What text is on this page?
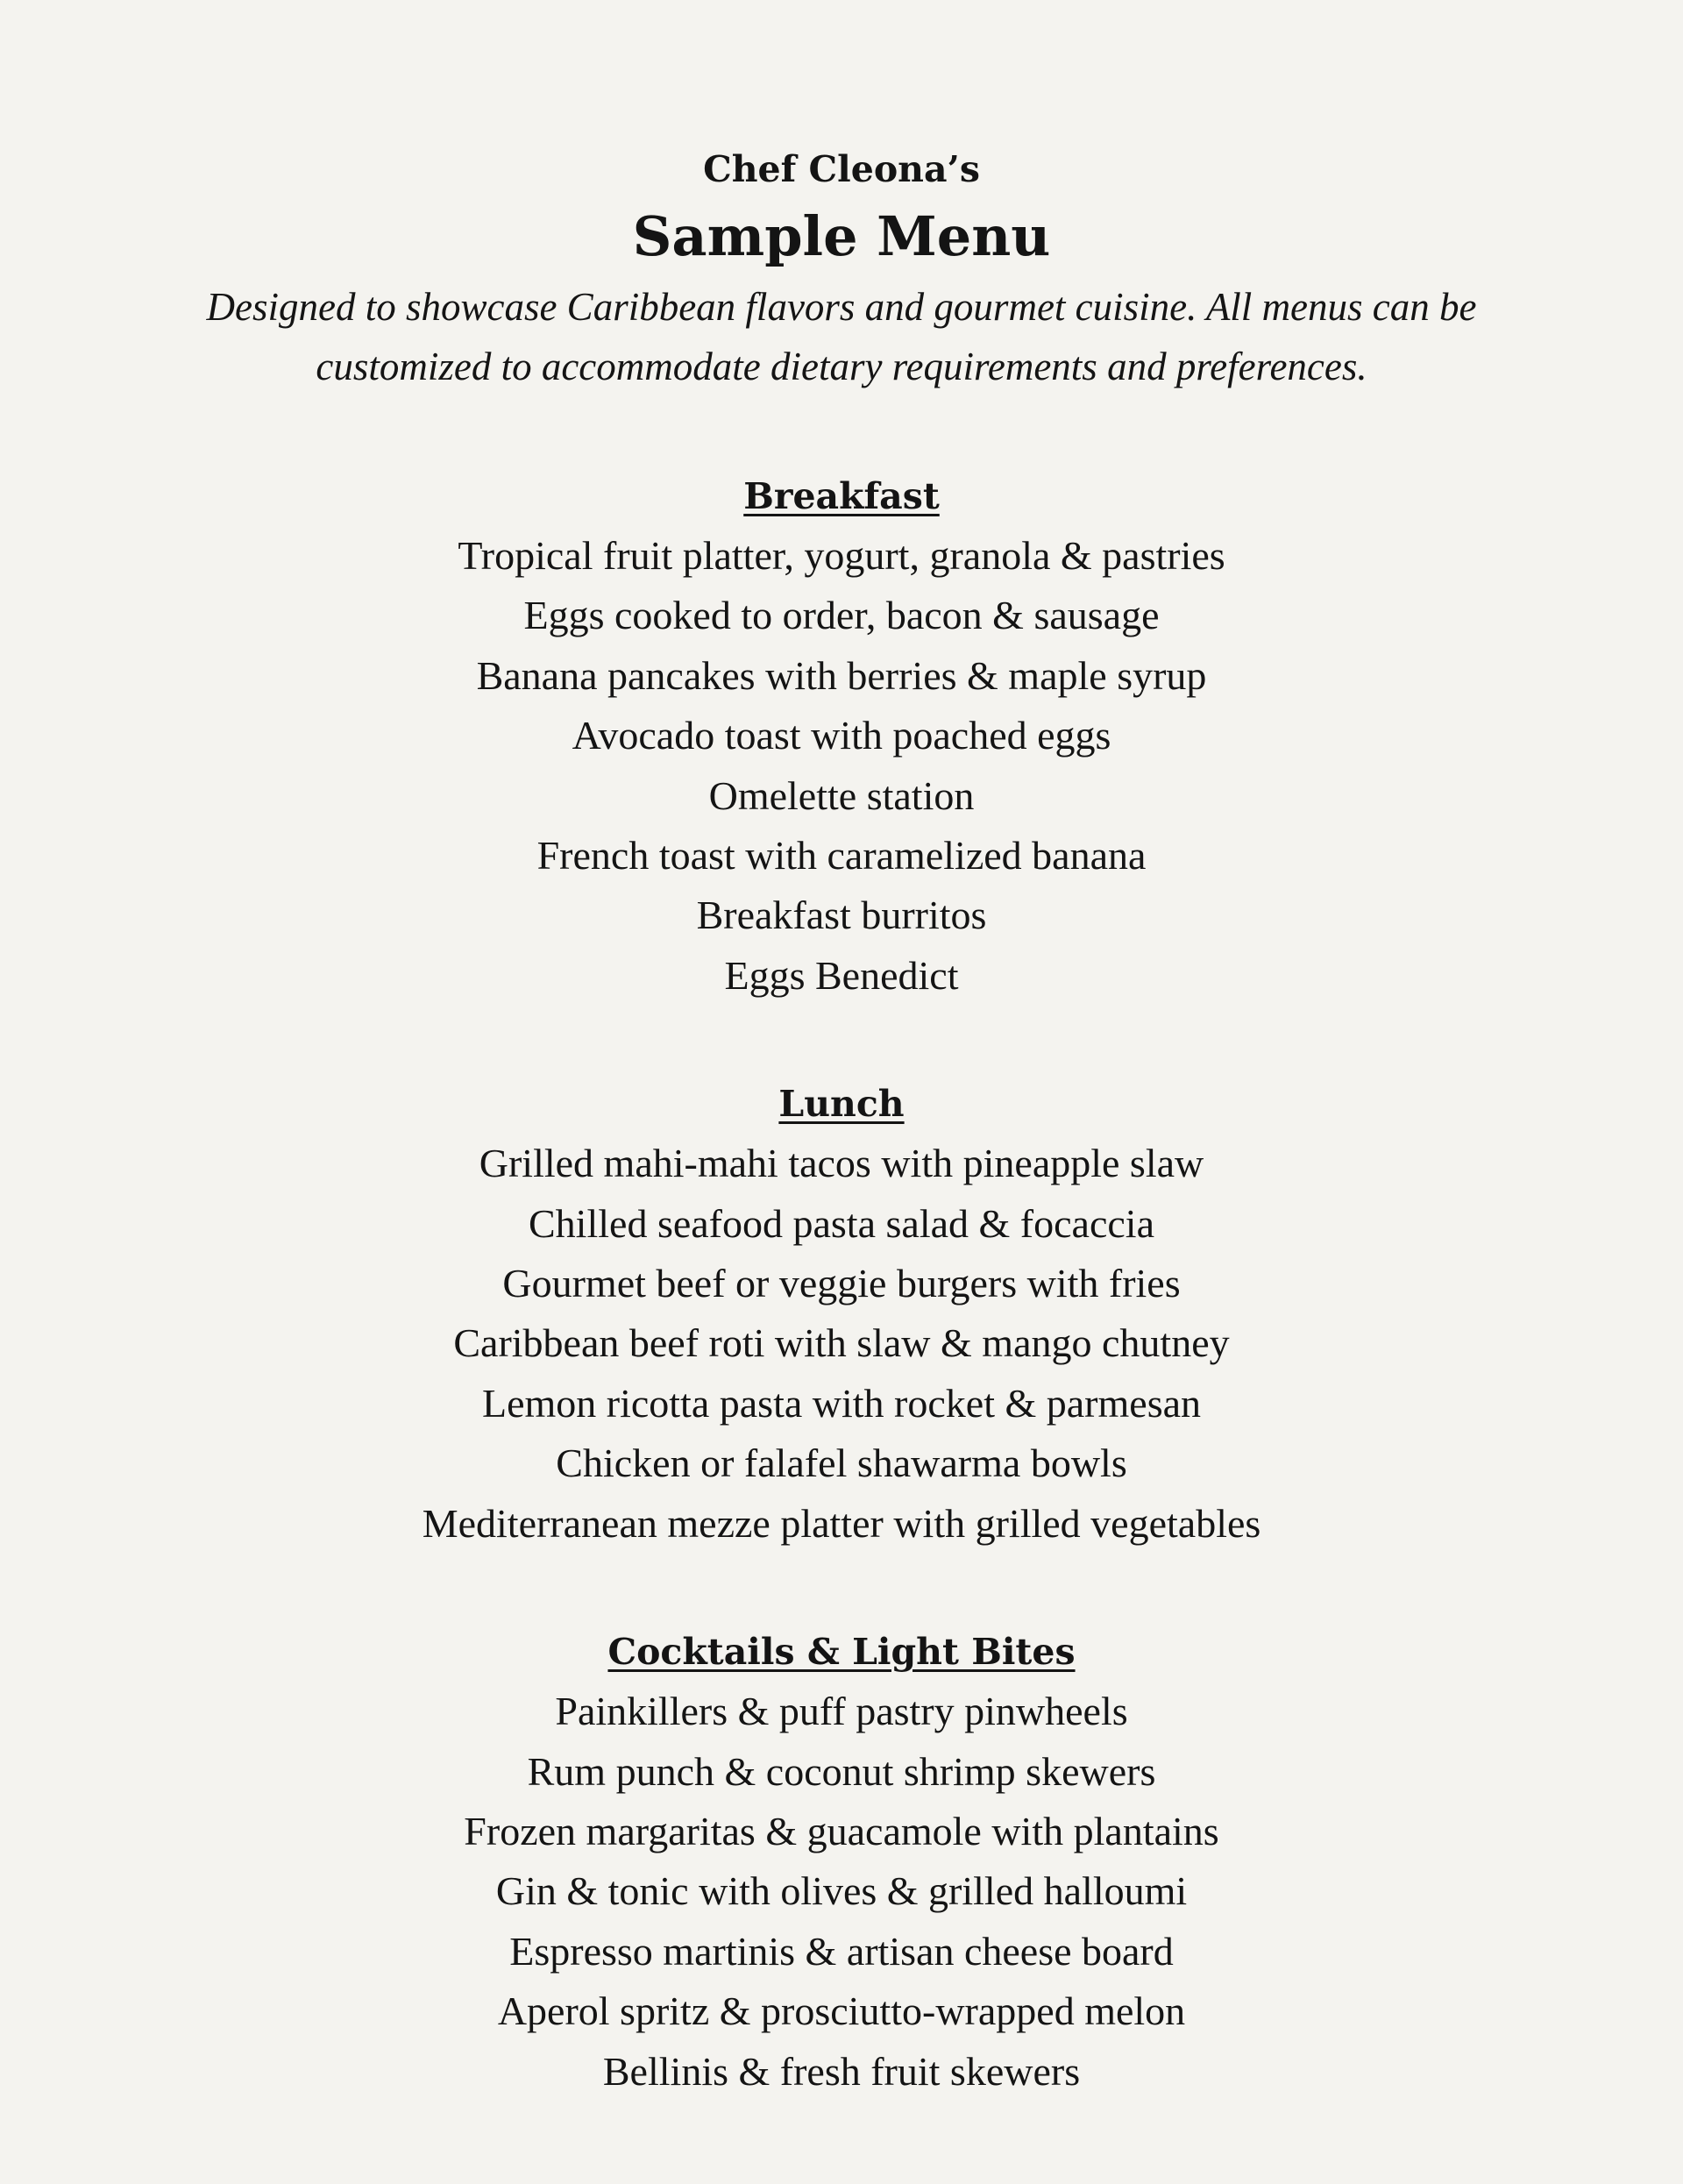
Chef Cleona’s

Sample Menu

Designed to showcase Caribbean flavors and gourmet cuisine. All menus can be customized to accommodate dietary requirements and preferences.

Breakfast
Tropical fruit platter, yogurt, granola & pastries
Eggs cooked to order, bacon & sausage
Banana pancakes with berries & maple syrup
Avocado toast with poached eggs
Omelette station
French toast with caramelized banana
Breakfast burritos
Eggs Benedict
Lunch
Grilled mahi-mahi tacos with pineapple slaw
Chilled seafood pasta salad & focaccia
Gourmet beef or veggie burgers with fries
Caribbean beef roti with slaw & mango chutney
Lemon ricotta pasta with rocket & parmesan
Chicken or falafel shawarma bowls
Mediterranean mezze platter with grilled vegetables
Cocktails & Light Bites
Painkillers & puff pastry pinwheels
Rum punch & coconut shrimp skewers
Frozen margaritas & guacamole with plantains
Gin & tonic with olives & grilled halloumi
Espresso martinis & artisan cheese board
Aperol spritz & prosciutto-wrapped melon
Bellinis & fresh fruit skewers
